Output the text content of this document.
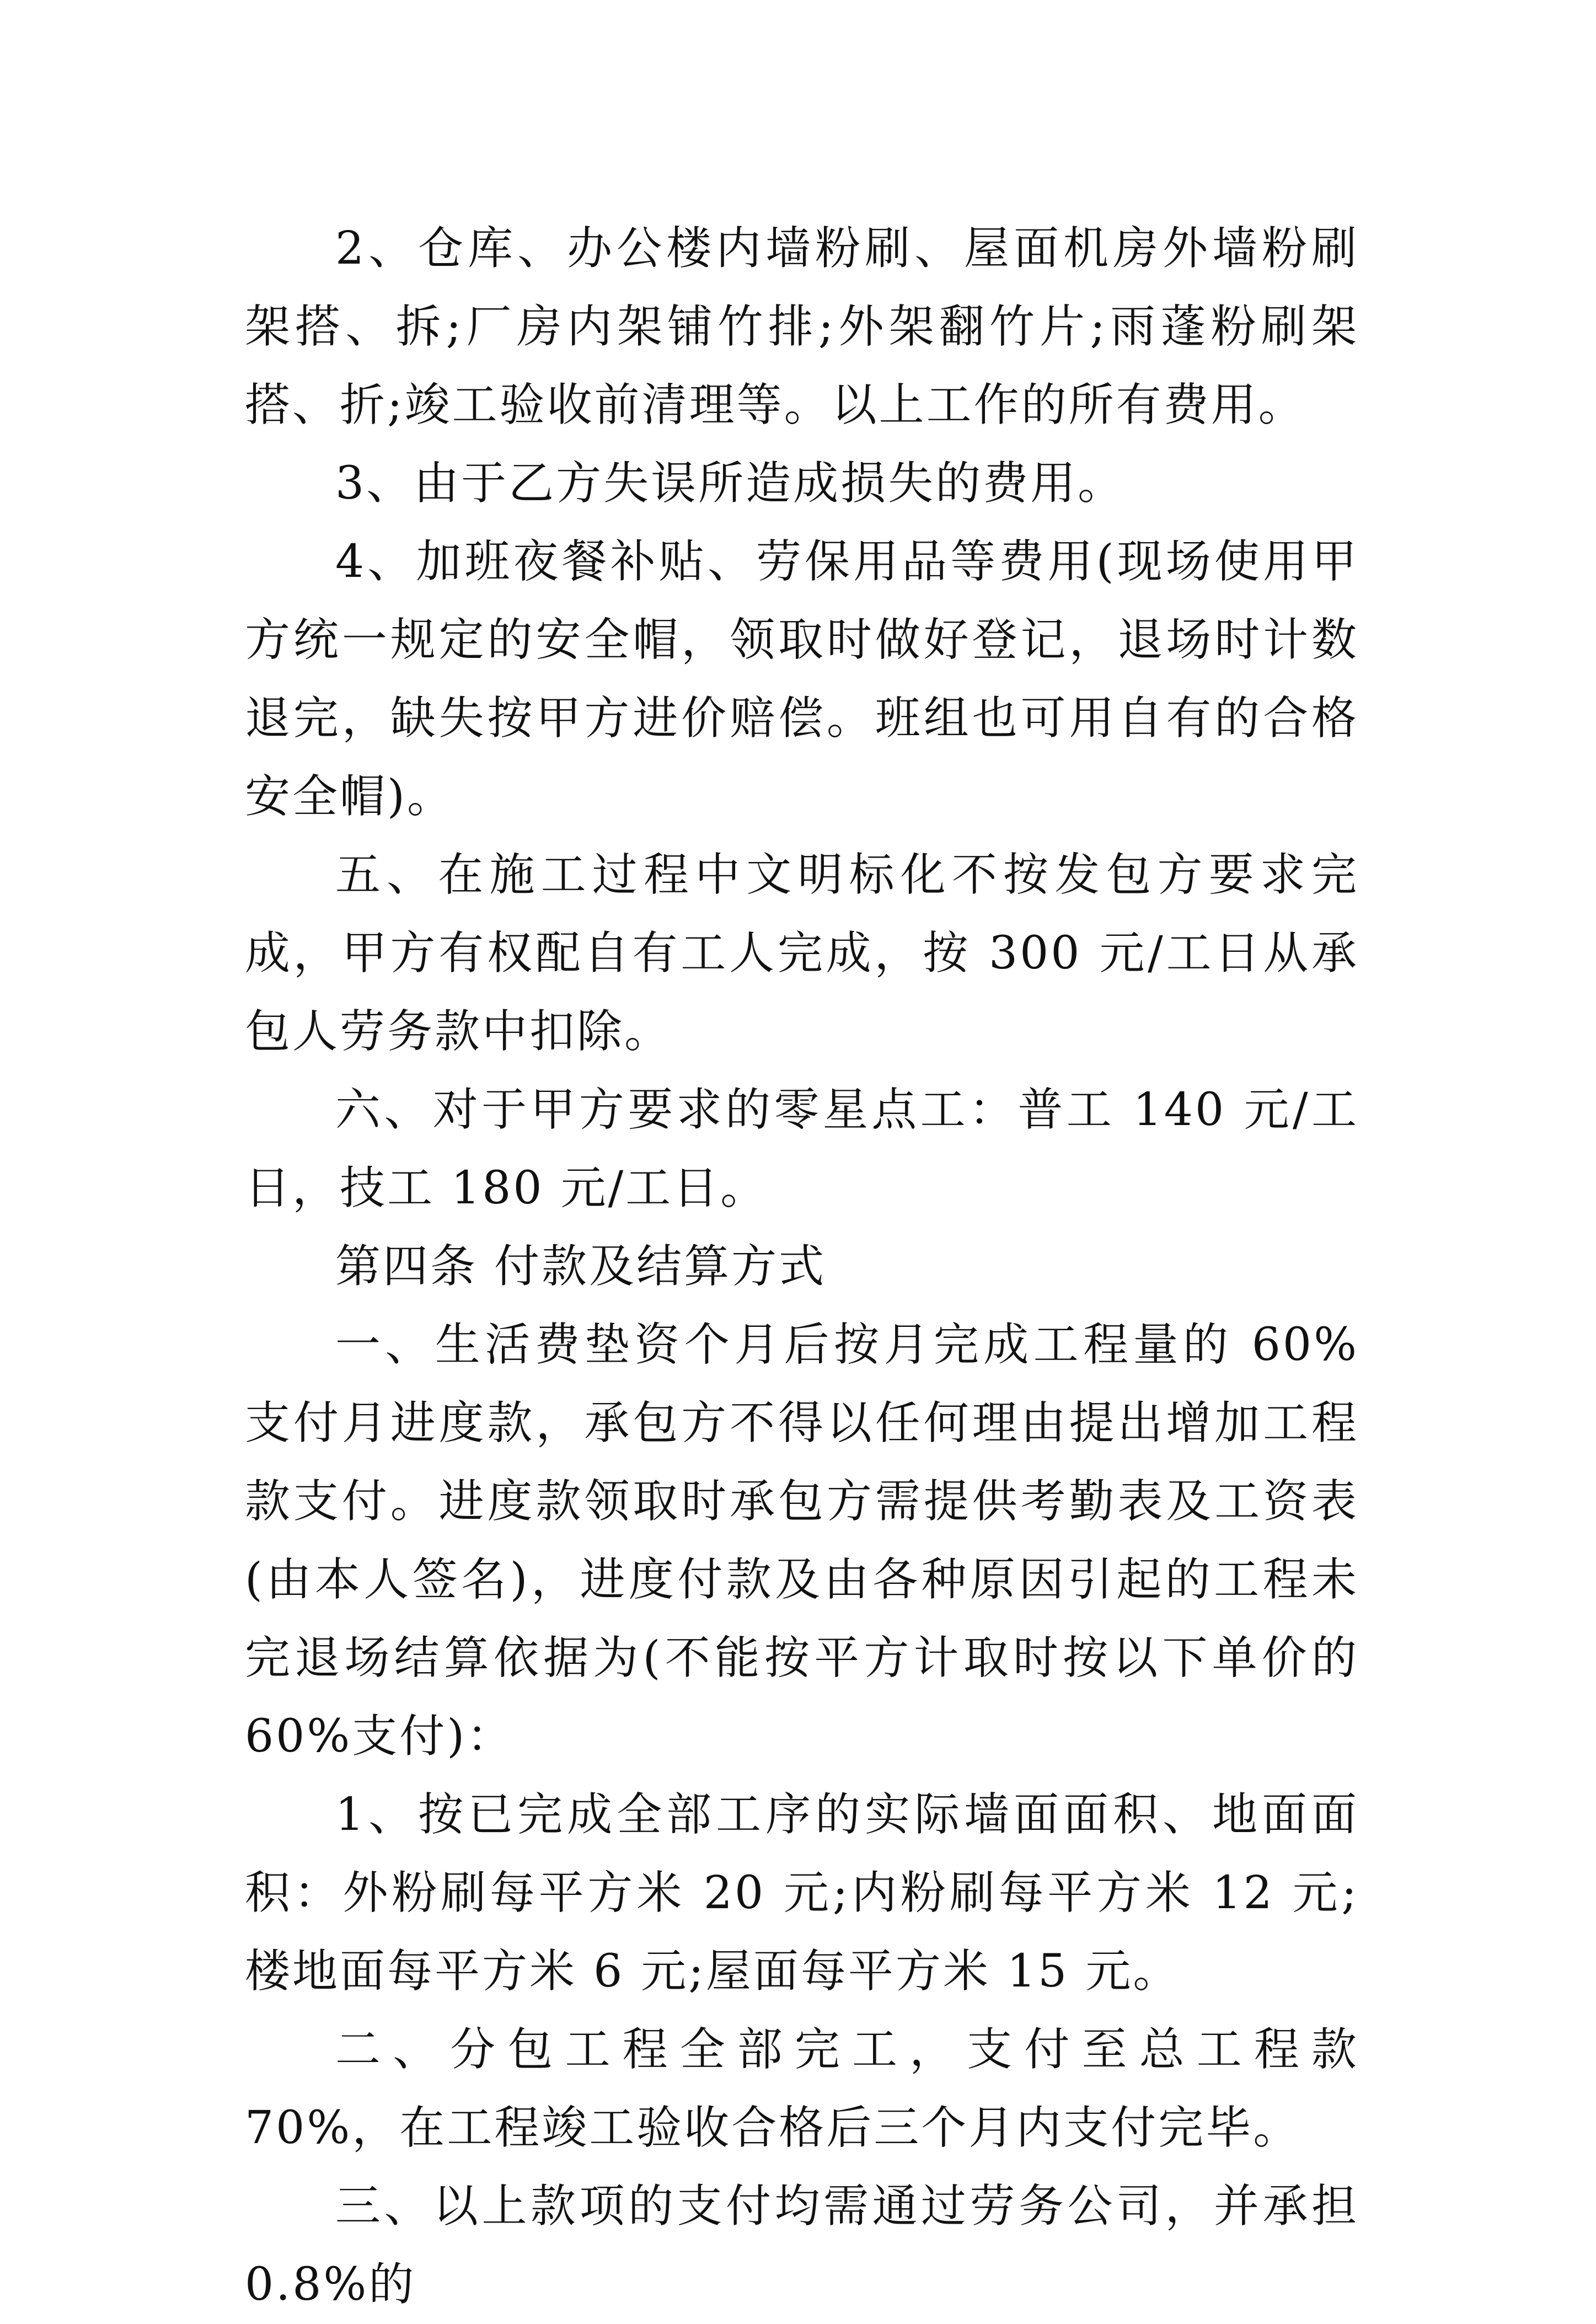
2、仓库、办公楼内墙粉刷、屋面机房外墙粉刷架搭、拆;厂房内架铺竹排;外架翻竹片;雨蓬粉刷架搭、折;竣工验收前清理等。以上工作的所有费用。

3、由于乙方失误所造成损失的费用。

4、加班夜餐补贴、劳保用品等费用(现场使用甲方统一规定的安全帽，领取时做好登记，退场时计数退完，缺失按甲方进价赔偿。班组也可用自有的合格安全帽)。

五、在施工过程中文明标化不按发包方要求完成，甲方有权配自有工人完成，按 300 元/工日从承包人劳务款中扣除。

六、对于甲方要求的零星点工：普工 140 元/工日，技工 180 元/工日。

第四条 付款及结算方式

一、生活费垫资个月后按月完成工程量的 60%支付月进度款，承包方不得以任何理由提出增加工程款支付。进度款领取时承包方需提供考勤表及工资表(由本人签名)，进度付款及由各种原因引起的工程未完退场结算依据为(不能按平方计取时按以下单价的 60%支付)：

1、按已完成全部工序的实际墙面面积、地面面积：外粉刷每平方米 20 元;内粉刷每平方米 12 元;楼地面每平方米 6 元;屋面每平方米 15 元。

二、分包工程全部完工，支付至总工程款 70%，在工程竣工验收合格后三个月内支付完毕。

三、以上款项的支付均需通过劳务公司，并承担 0.8%的
